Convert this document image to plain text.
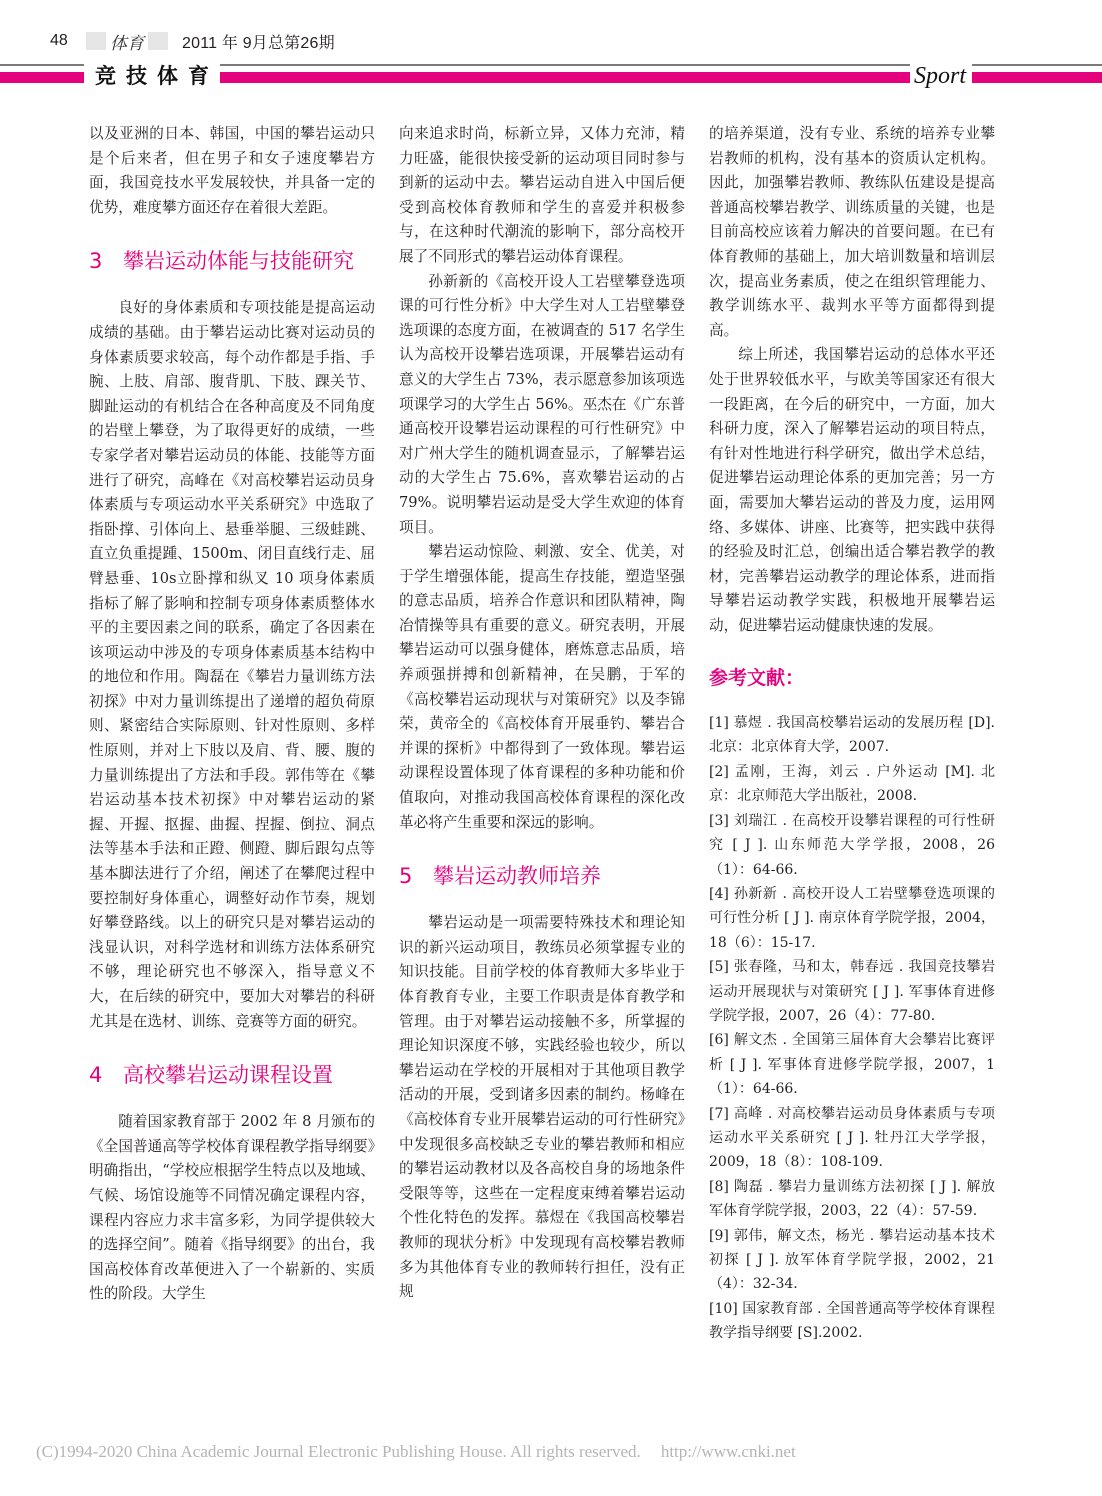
48	体育 2011 年 9月总第26期
竞技体育	Sport

以及亚洲的日本、韩国，中国的攀岩运动只是个后来者，但在男子和女子速度攀岩方面，我国竞技水平发展较快，并具备一定的优势，难度攀方面还存在着很大差距。

3 攀岩运动体能与技能研究

良好的身体素质和专项技能是提高运动成绩的基础。由于攀岩运动比赛对运动员的身体素质要求较高，每个动作都是手指、手腕、上肢、肩部、腹背肌、下肢、踝关节、脚趾运动的有机结合在各种高度及不同角度的岩壁上攀登，为了取得更好的成绩，一些专家学者对攀岩运动员的体能、技能等方面进行了研究，高峰在《对高校攀岩运动员身体素质与专项运动水平关系研究》中选取了指卧撑、引体向上、悬垂举腿、三级蛙跳、直立负重提踵、1500m、闭目直线行走、屈臂悬垂、10s立卧撑和纵叉 10 项身体素质指标了解了影响和控制专项身体素质整体水平的主要因素之间的联系，确定了各因素在该项运动中涉及的专项身体素质基本结构中的地位和作用。陶磊在《攀岩力量训练方法初探》中对力量训练提出了递增的超负荷原则、紧密结合实际原则、针对性原则、多样性原则，并对上下肢以及肩、背、腰、腹的力量训练提出了方法和手段。郭伟等在《攀岩运动基本技术初探》中对攀岩运动的紧握、开握、抠握、曲握、捏握、倒拉、洞点法等基本手法和正蹬、侧蹬、脚后跟勾点等基本脚法进行了介绍，阐述了在攀爬过程中要控制好身体重心，调整好动作节奏，规划好攀登路线。以上的研究只是对攀岩运动的浅显认识，对科学选材和训练方法体系研究不够，理论研究也不够深入，指导意义不大，在后续的研究中，要加大对攀岩的科研尤其是在选材、训练、竞赛等方面的研究。

4 高校攀岩运动课程设置

随着国家教育部于 2002 年 8 月颁布的《全国普通高等学校体育课程教学指导纲要》明确指出，“学校应根据学生特点以及地域、气候、场馆设施等不同情况确定课程内容，课程内容应力求丰富多彩，为同学提供较大的选择空间”。随着《指导纲要》的出台，我国高校体育改革便进入了一个崭新的、实质性的阶段。大学生

向来追求时尚，标新立异，又体力充沛，精力旺盛，能很快接受新的运动项目同时参与到新的运动中去。攀岩运动自进入中国后便受到高校体育教师和学生的喜爱并积极参与，在这种时代潮流的影响下，部分高校开展了不同形式的攀岩运动体育课程。

孙新新的《高校开设人工岩壁攀登选项课的可行性分析》中大学生对人工岩壁攀登选项课的态度方面，在被调查的 517 名学生认为高校开设攀岩选项课，开展攀岩运动有意义的大学生占 73%，表示愿意参加该项选项课学习的大学生占 56%。巫杰在《广东普通高校开设攀岩运动课程的可行性研究》中对广州大学生的随机调查显示，了解攀岩运动的大学生占 75.6%，喜欢攀岩运动的占 79%。说明攀岩运动是受大学生欢迎的体育项目。

攀岩运动惊险、刺激、安全、优美，对于学生增强体能，提高生存技能，塑造坚强的意志品质，培养合作意识和团队精神，陶冶情操等具有重要的意义。研究表明，开展攀岩运动可以强身健体，磨炼意志品质，培养顽强拼搏和创新精神，在吴鹏，于军的《高校攀岩运动现状与对策研究》以及李锦荣，黄帝全的《高校体育开展垂钓、攀岩合并课的探析》中都得到了一致体现。攀岩运动课程设置体现了体育课程的多种功能和价值取向，对推动我国高校体育课程的深化改革必将产生重要和深远的影响。

5 攀岩运动教师培养

攀岩运动是一项需要特殊技术和理论知识的新兴运动项目，教练员必须掌握专业的知识技能。目前学校的体育教师大多毕业于体育教育专业，主要工作职责是体育教学和管理。由于对攀岩运动接触不多，所掌握的理论知识深度不够，实践经验也较少，所以攀岩运动在学校的开展相对于其他项目教学活动的开展，受到诸多因素的制约。杨峰在《高校体育专业开展攀岩运动的可行性研究》中发现很多高校缺乏专业的攀岩教师和相应的攀岩运动教材以及各高校自身的场地条件受限等等，这些在一定程度束缚着攀岩运动个性化特色的发挥。慕煜在《我国高校攀岩教师的现状分析》中发现现有高校攀岩教师多为其他体育专业的教师转行担任，没有正规

的培养渠道，没有专业、系统的培养专业攀岩教师的机构，没有基本的资质认定机构。因此，加强攀岩教师、教练队伍建设是提高普通高校攀岩教学、训练质量的关键，也是目前高校应该着力解决的首要问题。在已有体育教师的基础上，加大培训数量和培训层次，提高业务素质，使之在组织管理能力、教学训练水平、裁判水平等方面都得到提高。

综上所述，我国攀岩运动的总体水平还处于世界较低水平，与欧美等国家还有很大一段距离，在今后的研究中，一方面，加大科研力度，深入了解攀岩运动的项目特点，有针对性地进行科学研究，做出学术总结，促进攀岩运动理论体系的更加完善；另一方面，需要加大攀岩运动的普及力度，运用网络、多媒体、讲座、比赛等，把实践中获得的经验及时汇总，创编出适合攀岩教学的教材，完善攀岩运动教学的理论体系，进而指导攀岩运动教学实践，积极地开展攀岩运动，促进攀岩运动健康快速的发展。

参考文献：

[1] 慕煜 . 我国高校攀岩运动的发展历程 [D]. 北京：北京体育大学，2007.

[2] 孟刚，王海，刘云 . 户外运动 [M]. 北京：北京师范大学出版社，2008.

[3] 刘瑞江 . 在高校开设攀岩课程的可行性研究 [ J ]. 山东师范大学学报，2008，26（1）：64-66.

[4] 孙新新 . 高校开设人工岩壁攀登选项课的可行性分析 [ J ]. 南京体育学院学报，2004，18（6）：15-17.

[5] 张春隆，马和太，韩春远 . 我国竞技攀岩运动开展现状与对策研究 [ J ]. 军事体育进修学院学报，2007，26（4）：77-80.

[6] 解文杰 . 全国第三届体育大会攀岩比赛评析 [ J ]. 军事体育进修学院学报，2007，1（1）：64-66.

[7] 高峰 . 对高校攀岩运动员身体素质与专项运动水平关系研究 [ J ]. 牡丹江大学学报，2009，18（8）：108-109.

[8] 陶磊 . 攀岩力量训练方法初探 [ J ]. 解放军体育学院学报，2003，22（4）：57-59.

[9] 郭伟，解文杰，杨光 . 攀岩运动基本技术初探 [ J ]. 放军体育学院学报，2002，21（4）：32-34.

[10] 国家教育部 . 全国普通高等学校体育课程教学指导纲要 [S].2002.

(C)1994-2020 China Academic Journal Electronic Publishing House. All rights reserved. http://www.cnki.net
